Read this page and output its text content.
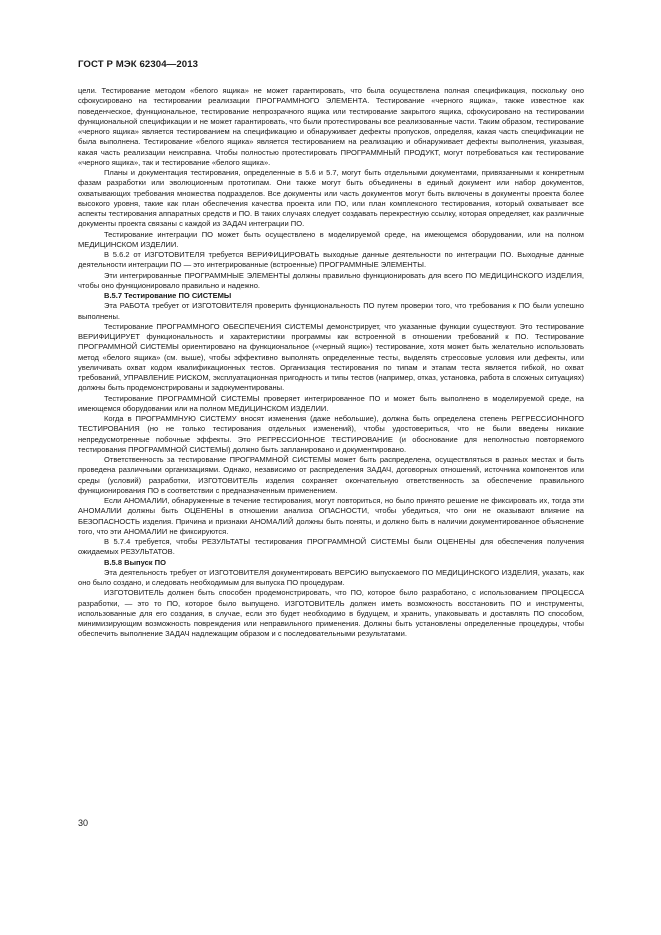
ГОСТ Р МЭК 62304—2013

цели. Тестирование методом «белого ящика» не может гарантировать, что была осуществлена полная спецификация, поскольку оно сфокусировано на тестировании реализации ПРОГРАММНОГО ЭЛЕМЕНТА. Тестирование «черного ящика», также известное как поведенческое, функциональное, тестирование непрозрачного ящика или тестирование закрытого ящика, сфокусировано на тестировании функциональной спецификации и не может гарантировать, что были протестированы все реализованные части. Таким образом, тестирование «черного ящика» является тестированием на спецификацию и обнаруживает дефекты пропусков, определяя, какая часть спецификации не была выполнена. Тестирование «белого ящика» является тестированием на реализацию и обнаруживает дефекты выполнения, указывая, какая часть реализации неисправна. Чтобы полностью протестировать ПРОГРАММНЫЙ ПРОДУКТ, могут потребоваться как тестирование «черного ящика», так и тестирование «белого ящика».

Планы и документация тестирования, определенные в 5.6 и 5.7, могут быть отдельными документами, привязанными к конкретным фазам разработки или эволюционным прототипам. Они также могут быть объединены в единый документ или набор документов, охватывающих требования множества подразделов. Все документы или часть документов могут быть включены в документы проекта более высокого уровня, такие как план обеспечения качества проекта или ПО, или план комплексного тестирования, который охватывает все аспекты тестирования аппаратных средств и ПО. В таких случаях следует создавать перекрестную ссылку, которая определяет, как различные документы проекта связаны с каждой из ЗАДАЧ интеграции ПО.

Тестирование интеграции ПО может быть осуществлено в моделируемой среде, на имеющемся оборудовании, или на полном МЕДИЦИНСКОМ ИЗДЕЛИИ.

В 5.6.2 от ИЗГОТОВИТЕЛЯ требуется ВЕРИФИЦИРОВАТЬ выходные данные деятельности по интеграции ПО. Выходные данные деятельности интеграции ПО — это интегрированные (встроенные) ПРОГРАММНЫЕ ЭЛЕМЕНТЫ.

Эти интегрированные ПРОГРАММНЫЕ ЭЛЕМЕНТЫ должны правильно функционировать для всего ПО МЕДИЦИНСКОГО ИЗДЕЛИЯ, чтобы оно функционировало правильно и надежно.

В.5.7 Тестирование ПО СИСТЕМЫ

Эта РАБОТА требует от ИЗГОТОВИТЕЛЯ проверить функциональность ПО путем проверки того, что требования к ПО были успешно выполнены.

Тестирование ПРОГРАММНОГО ОБЕСПЕЧЕНИЯ СИСТЕМЫ демонстрирует, что указанные функции существуют. Это тестирование ВЕРИФИЦИРУЕТ функциональность и характеристики программы как встроенной в отношении требований к ПО. Тестирование ПРОГРАММНОЙ СИСТЕМЫ ориентировано на функциональное («черный ящик») тестирование, хотя может быть желательно использовать метод «белого ящика» (см. выше), чтобы эффективно выполнять определенные тесты, выделять стрессовые условия или дефекты, или увеличивать охват кодом квалификационных тестов. Организация тестирования по типам и этапам теста является гибкой, но охват требований, УПРАВЛЕНИЕ РИСКОМ, эксплуатационная пригодность и типы тестов (например, отказ, установка, работа в сложных ситуациях) должны быть продемонстрированы и задокументированы.

Тестирование ПРОГРАММНОЙ СИСТЕМЫ проверяет интегрированное ПО и может быть выполнено в моделируемой среде, на имеющемся оборудовании или на полном МЕДИЦИНСКОМ ИЗДЕЛИИ.

Когда в ПРОГРАММНУЮ СИСТЕМУ вносят изменения (даже небольшие), должна быть определена степень РЕГРЕССИОННОГО ТЕСТИРОВАНИЯ (но не только тестирования отдельных изменений), чтобы удостовериться, что не были введены никакие непредусмотренные побочные эффекты. Это РЕГРЕССИОННОЕ ТЕСТИРОВАНИЕ (и обоснование для неполностью повторяемого тестирования ПРОГРАММНОЙ СИСТЕМЫ) должно быть запланировано и документировано.

Ответственность за тестирование ПРОГРАММНОЙ СИСТЕМЫ может быть распределена, осуществляться в разных местах и быть проведена различными организациями. Однако, независимо от распределения ЗАДАЧ, договорных отношений, источника компонентов или среды (условий) разработки, ИЗГОТОВИТЕЛЬ изделия сохраняет окончательную ответственность за обеспечение правильного функционирования ПО в соответствии с предназначенным применением.

Если АНОМАЛИИ, обнаруженные в течение тестирования, могут повториться, но было принято решение не фиксировать их, тогда эти АНОМАЛИИ должны быть ОЦЕНЕНЫ в отношении анализа ОПАСНОСТИ, чтобы убедиться, что они не оказывают влияние на БЕЗОПАСНОСТЬ изделия. Причина и признаки АНОМАЛИЙ должны быть поняты, и должно быть в наличии документированное объяснение того, что эти АНОМАЛИИ не фиксируются.

В 5.7.4 требуется, чтобы РЕЗУЛЬТАТЫ тестирования ПРОГРАММНОЙ СИСТЕМЫ были ОЦЕНЕНЫ для обеспечения получения ожидаемых РЕЗУЛЬТАТОВ.

В.5.8 Выпуск ПО

Эта деятельность требует от ИЗГОТОВИТЕЛЯ документировать ВЕРСИЮ выпускаемого ПО МЕДИЦИНСКОГО ИЗДЕЛИЯ, указать, как оно было создано, и следовать необходимым для выпуска ПО процедурам.

ИЗГОТОВИТЕЛЬ должен быть способен продемонстрировать, что ПО, которое было разработано, с использованием ПРОЦЕССА разработки, — это то ПО, которое было выпущено. ИЗГОТОВИТЕЛЬ должен иметь возможность восстановить ПО и инструменты, использованные для его создания, в случае, если это будет необходимо в будущем, и хранить, упаковывать и доставлять ПО способом, минимизирующим возможность повреждения или неправильного применения. Должны быть установлены определенные процедуры, чтобы обеспечить выполнение ЗАДАЧ надлежащим образом и с последовательными результатами.

30
